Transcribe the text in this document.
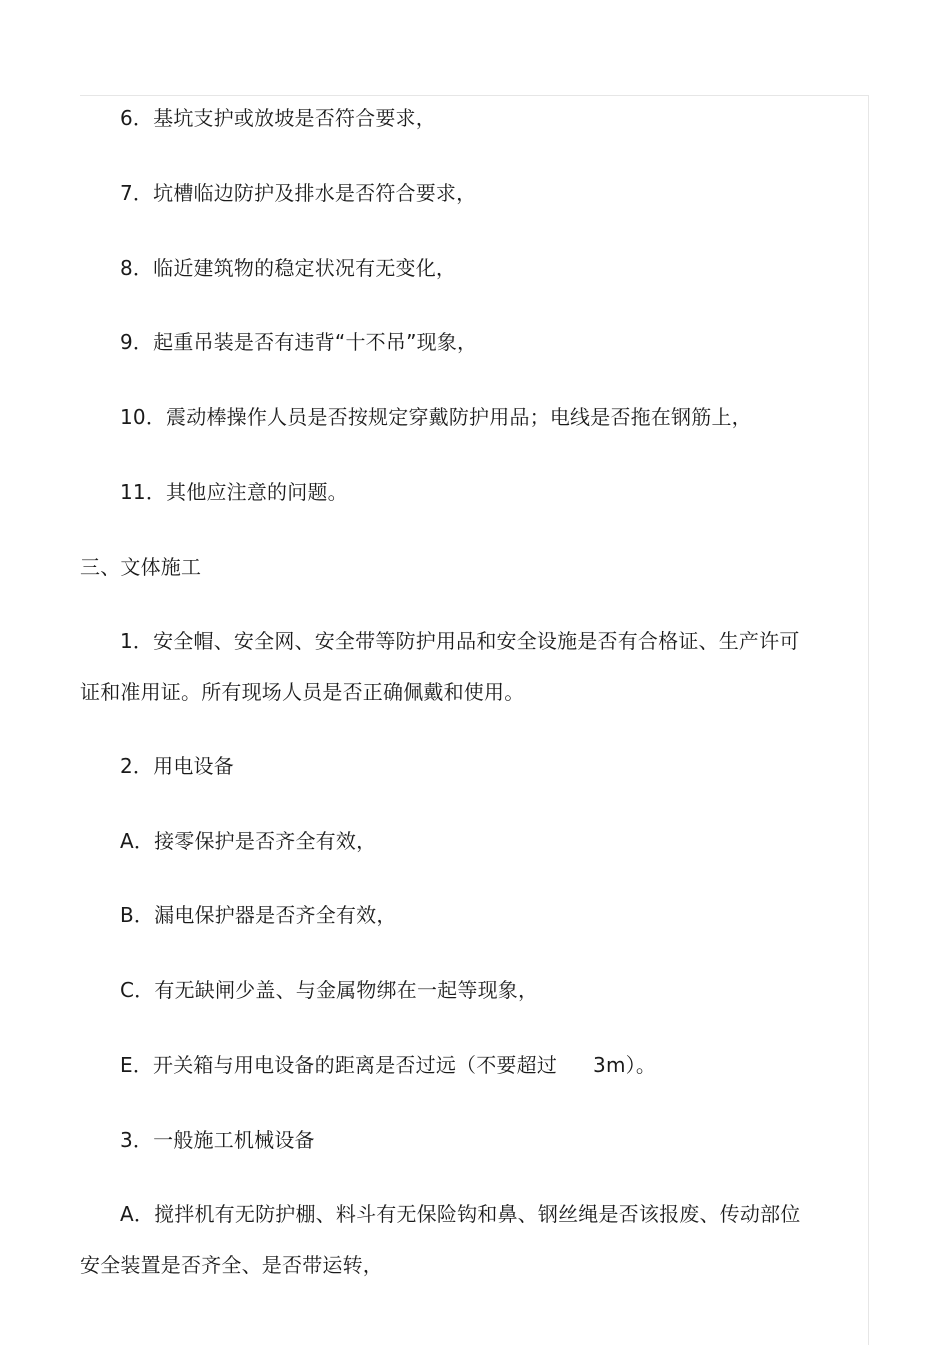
6．基坑支护或放坡是否符合要求，
7．坑槽临边防护及排水是否符合要求，
8．临近建筑物的稳定状况有无变化，
9．起重吊装是否有违背“十不吊”现象，
10．震动棒操作人员是否按规定穿戴防护用品；电线是否拖在钢筋上，
11．其他应注意的问题。
三、文体施工
1．安全帽、安全网、安全带等防护用品和安全设施是否有合格证、生产许可
证和准用证。所有现场人员是否正确佩戴和使用。
2．用电设备
A．接零保护是否齐全有效，
B．漏电保护器是否齐全有效，
C．有无缺闸少盖、与金属物绑在一起等现象，
E．开关箱与用电设备的距离是否过远（不要超过 3m）。
3．一般施工机械设备
A．搅拌机有无防护棚、料斗有无保险钩和鼻、钢丝绳是否该报废、传动部位
安全装置是否齐全、是否带运转，
